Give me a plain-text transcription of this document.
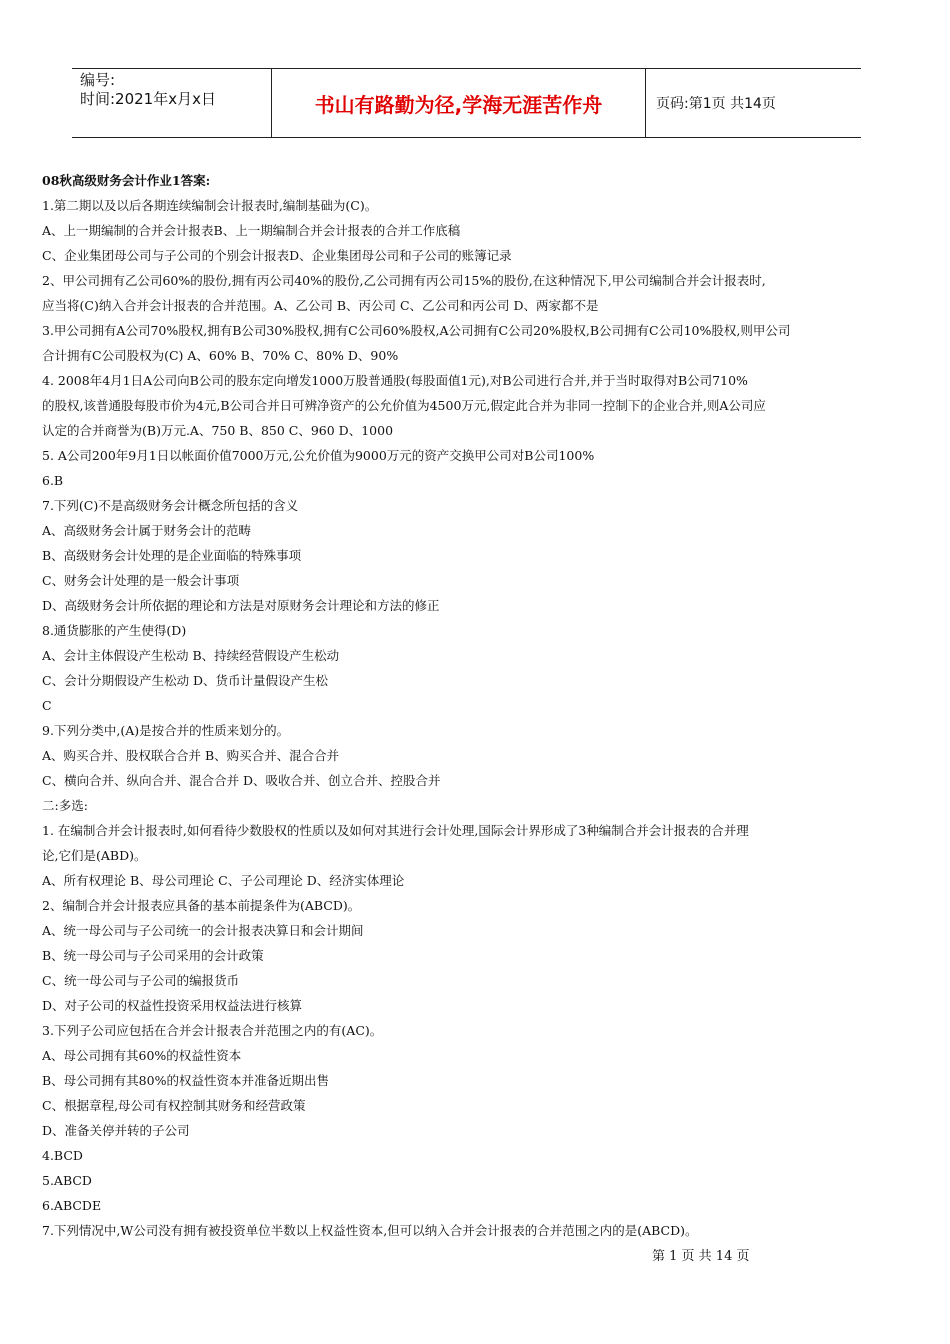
编号:
时间:2021年x月x日	书山有路勤为径,学海无涯苦作舟	页码:第1页 共14页
08秋高级财务会计作业1答案:
1.第二期以及以后各期连续编制会计报表时,编制基础为(C)。
A、上一期编制的合并会计报表B、上一期编制合并会计报表的合并工作底稿
C、企业集团母公司与子公司的个别会计报表D、企业集团母公司和子公司的账簿记录
2、甲公司拥有乙公司60%的股份,拥有丙公司40%的股份,乙公司拥有丙公司15%的股份,在这种情况下,甲公司编制合并会计报表时,
应当将(C)纳入合并会计报表的合并范围。A、乙公司 B、丙公司 C、乙公司和丙公司 D、两家都不是
3.甲公司拥有A公司70%股权,拥有B公司30%股权,拥有C公司60%股权,A公司拥有C公司20%股权,B公司拥有C公司10%股权,则甲公司
合计拥有C公司股权为(C) A、60% B、70% C、80% D、90%
4. 2008年4月1日A公司向B公司的股东定向增发1000万股普通股(每股面值1元),对B公司进行合并,并于当时取得对B公司710%
的股权,该普通股每股市价为4元,B公司合并日可辨净资产的公允价值为4500万元,假定此合并为非同一控制下的企业合并,则A公司应
认定的合并商誉为(B)万元.A、750 B、850 C、960 D、1000
5. A公司200年9月1日以帐面价值7000万元,公允价值为9000万元的资产交换甲公司对B公司100%
6.B
7.下列(C)不是高级财务会计概念所包括的含义
A、高级财务会计属于财务会计的范畴
B、高级财务会计处理的是企业面临的特殊事项
C、财务会计处理的是一般会计事项
D、高级财务会计所依据的理论和方法是对原财务会计理论和方法的修正
8.通货膨胀的产生使得(D)
A、会计主体假设产生松动 B、持续经营假设产生松动
C、会计分期假设产生松动 D、货币计量假设产生松
C
9.下列分类中,(A)是按合并的性质来划分的。
A、购买合并、股权联合合并 B、购买合并、混合合并
C、横向合并、纵向合并、混合合并 D、吸收合并、创立合并、控股合并
二:多选:
1. 在编制合并会计报表时,如何看待少数股权的性质以及如何对其进行会计处理,国际会计界形成了3种编制合并会计报表的合并理
论,它们是(ABD)。
A、所有权理论 B、母公司理论 C、子公司理论 D、经济实体理论
2、编制合并会计报表应具备的基本前提条件为(ABCD)。
A、统一母公司与子公司统一的会计报表决算日和会计期间
B、统一母公司与子公司采用的会计政策
C、统一母公司与子公司的编报货币
D、对子公司的权益性投资采用权益法进行核算
3.下列子公司应包括在合并会计报表合并范围之内的有(AC)。
A、母公司拥有其60%的权益性资本
B、母公司拥有其80%的权益性资本并准备近期出售
C、根据章程,母公司有权控制其财务和经营政策
D、准备关停并转的子公司
4.BCD
5.ABCD
6.ABCDE
7.下列情况中,W公司没有拥有被投资单位半数以上权益性资本,但可以纳入合并会计报表的合并范围之内的是(ABCD)。
第 1 页 共 14 页
